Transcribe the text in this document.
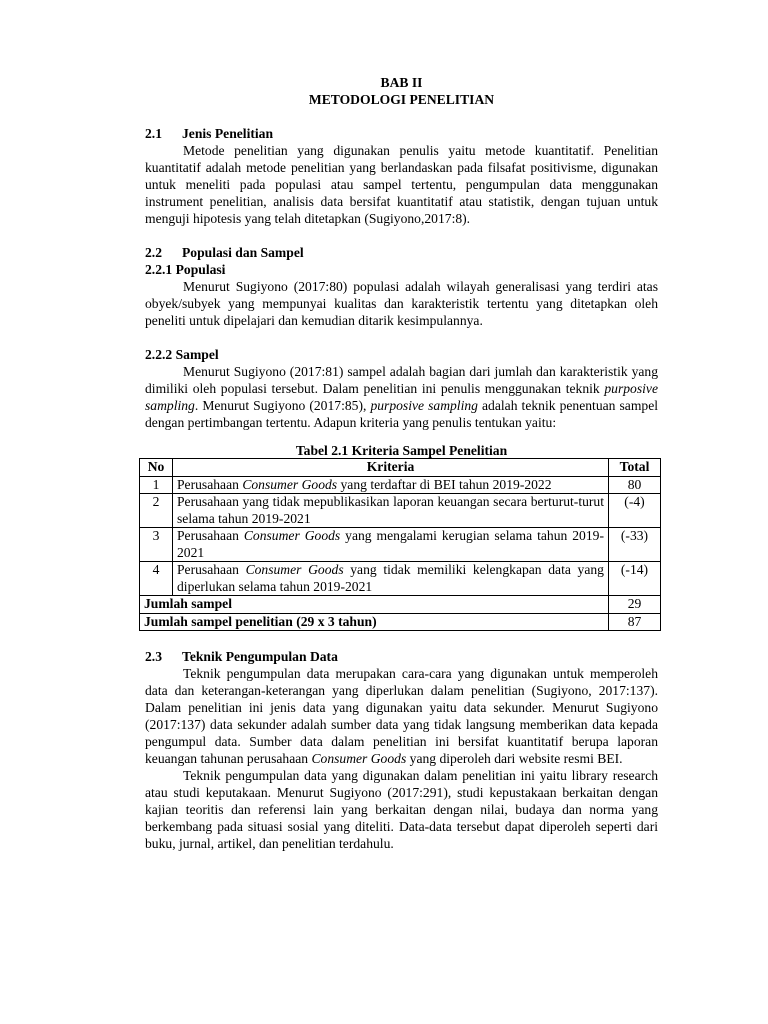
BAB II
METODOLOGI PENELITIAN
2.1 Jenis Penelitian

Metode penelitian yang digunakan penulis yaitu metode kuantitatif. Penelitian kuantitatif adalah metode penelitian yang berlandaskan pada filsafat positivisme, digunakan untuk meneliti pada populasi atau sampel tertentu, pengumpulan data menggunakan instrument penelitian, analisis data bersifat kuantitatif atau statistik, dengan tujuan untuk menguji hipotesis yang telah ditetapkan (Sugiyono,2017:8).

2.2 Populasi dan Sampel
2.2.1 Populasi

Menurut Sugiyono (2017:80) populasi adalah wilayah generalisasi yang terdiri atas obyek/subyek yang mempunyai kualitas dan karakteristik tertentu yang ditetapkan oleh peneliti untuk dipelajari dan kemudian ditarik kesimpulannya.

2.2.2 Sampel

Menurut Sugiyono (2017:81) sampel adalah bagian dari jumlah dan karakteristik yang dimiliki oleh populasi tersebut. Dalam penelitian ini penulis menggunakan teknik purposive sampling. Menurut Sugiyono (2017:85), purposive sampling adalah teknik penentuan sampel dengan pertimbangan tertentu. Adapun kriteria yang penulis tentukan yaitu:

Tabel 2.1 Kriteria Sampel Penelitian
No	Kriteria	Total
1	Perusahaan Consumer Goods yang terdaftar di BEI tahun 2019-2022	80
2	Perusahaan yang tidak mepublikasikan laporan keuangan secara berturut-turut selama tahun 2019-2021	(-4)
3	Perusahaan Consumer Goods yang mengalami kerugian selama tahun 2019-2021	(-33)
4	Perusahaan Consumer Goods yang tidak memiliki kelengkapan data yang diperlukan selama tahun 2019-2021	(-14)
Jumlah sampel		29
Jumlah sampel penelitian (29 x 3 tahun)		87
2.3 Teknik Pengumpulan Data

Teknik pengumpulan data merupakan cara-cara yang digunakan untuk memperoleh data dan keterangan-keterangan yang diperlukan dalam penelitian (Sugiyono, 2017:137). Dalam penelitian ini jenis data yang digunakan yaitu data sekunder. Menurut Sugiyono (2017:137) data sekunder adalah sumber data yang tidak langsung memberikan data kepada pengumpul data. Sumber data dalam penelitian ini bersifat kuantitatif berupa laporan keuangan tahunan perusahaan Consumer Goods yang diperoleh dari website resmi BEI.

Teknik pengumpulan data yang digunakan dalam penelitian ini yaitu library research atau studi keputakaan. Menurut Sugiyono (2017:291), studi kepustakaan berkaitan dengan kajian teoritis dan referensi lain yang berkaitan dengan nilai, budaya dan norma yang berkembang pada situasi sosial yang diteliti. Data-data tersebut dapat diperoleh seperti dari buku, jurnal, artikel, dan penelitian terdahulu.
